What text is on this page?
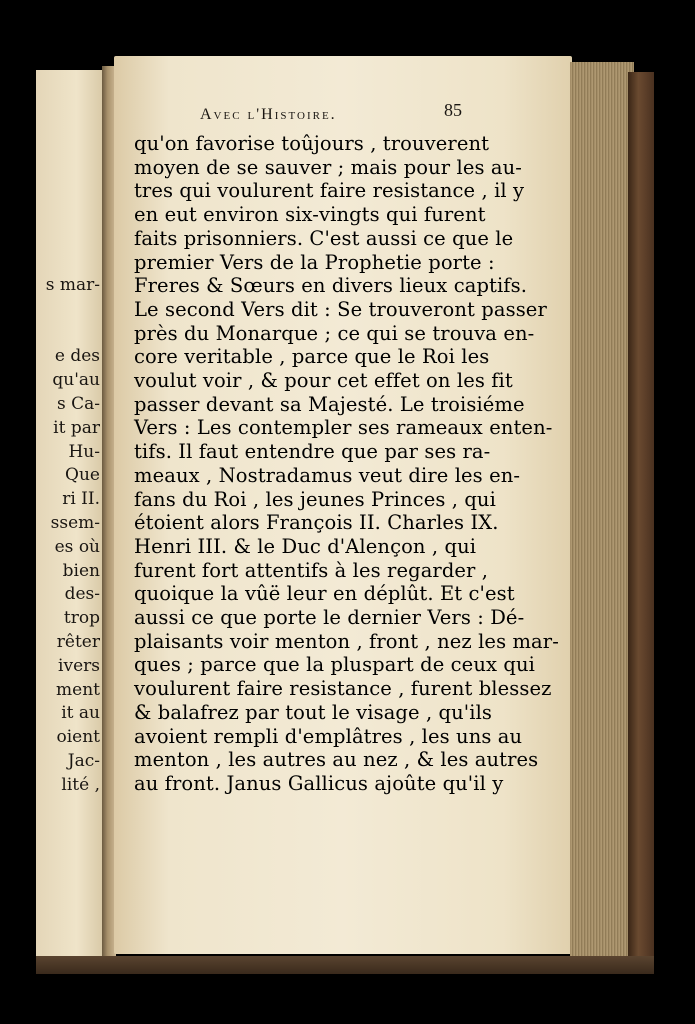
s mar-
e des
qu'au
s Ca-
it par
Hu-
Que
ri II.
ssem-
es où
bien
des-
trop
rêter
ivers
ment
it au
oient
Jac-
lité ,
Avec l'Histoire.	85
qu'on favorise toûjours , trouverent
moyen de se sauver ; mais pour les au-
tres qui voulurent faire resistance , il y
en eut environ six-vingts qui furent
faits prisonniers. C'est aussi ce que le
premier Vers de la Prophetie porte :
Freres & Sœurs en divers lieux captifs.
Le second Vers dit : Se trouveront passer
près du Monarque ; ce qui se trouva en-
core veritable , parce que le Roi les
voulut voir , & pour cet effet on les fit
passer devant sa Majesté. Le troisiéme
Vers : Les contempler ses rameaux enten-
tifs. Il faut entendre que par ses ra-
meaux , Nostradamus veut dire les en-
fans du Roi , les jeunes Princes , qui
étoient alors François II. Charles IX.
Henri III. & le Duc d'Alençon , qui
furent fort attentifs à les regarder ,
quoique la vûë leur en déplût. Et c'est
aussi ce que porte le dernier Vers : Dé-
plaisants voir menton , front , nez les mar-
ques ; parce que la pluspart de ceux qui
voulurent faire resistance , furent blessez
& balafrez par tout le visage , qu'ils
avoient rempli d'emplâtres , les uns au
menton , les autres au nez , & les autres
au front. Janus Gallicus ajoûte qu'il y
